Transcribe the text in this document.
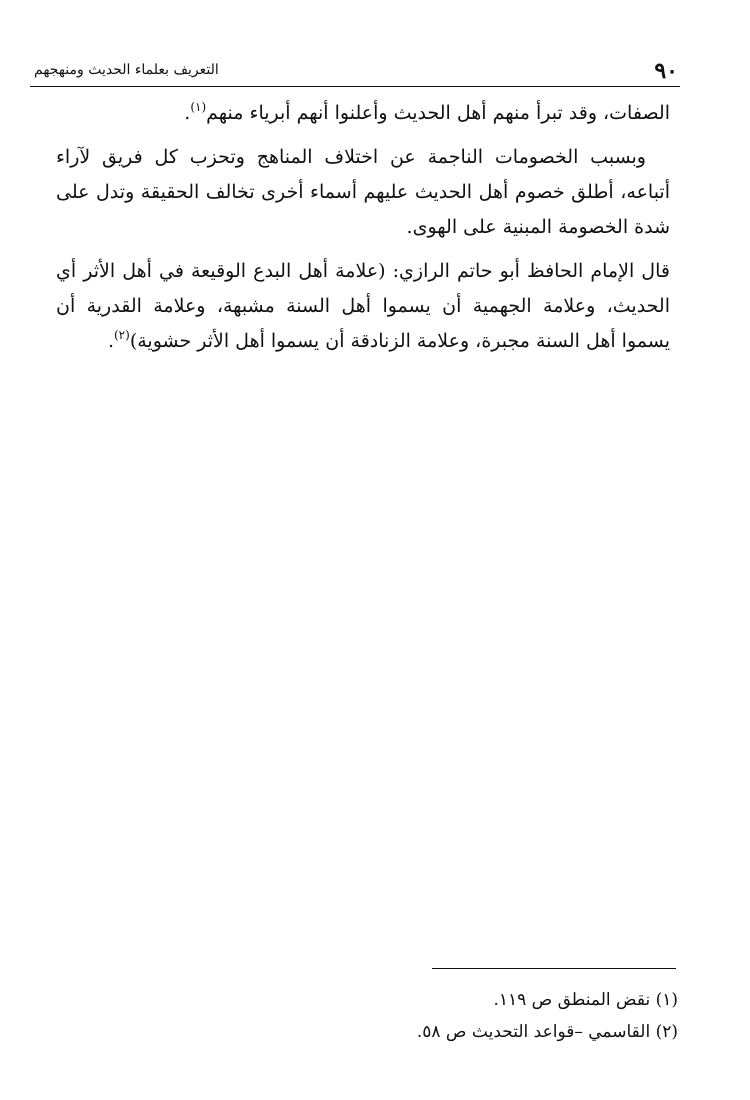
٩٠
التعريف بعلماء الحديث ومنهجهم

الصفات، وقد تبرأ منهم أهل الحديث وأعلنوا أنهم أبرياء منهم$^{(١)}$.

وبسبب الخصومات الناجمة عن اختلاف المناهج وتحزب كل فريق لآراء أتباعه، أطلق خصوم أهل الحديث عليهم أسماء أخرى تخالف الحقيقة وتدل على شدة الخصومة المبنية على الهوى.

قال الإمام الحافظ أبو حاتم الرازي: (علامة أهل البدع الوقيعة في أهل الأثر أي الحديث، وعلامة الجهمية أن يسموا أهل السنة مشبهة، وعلامة القدرية أن يسموا أهل السنة مجبرة، وعلامة الزنادقة أن يسموا أهل الأثر حشوية)$^{(٢)}$.

(١) نقض المنطق ص ١١٩.

(٢) القاسمي –قواعد التحديث ص ٥٨.
